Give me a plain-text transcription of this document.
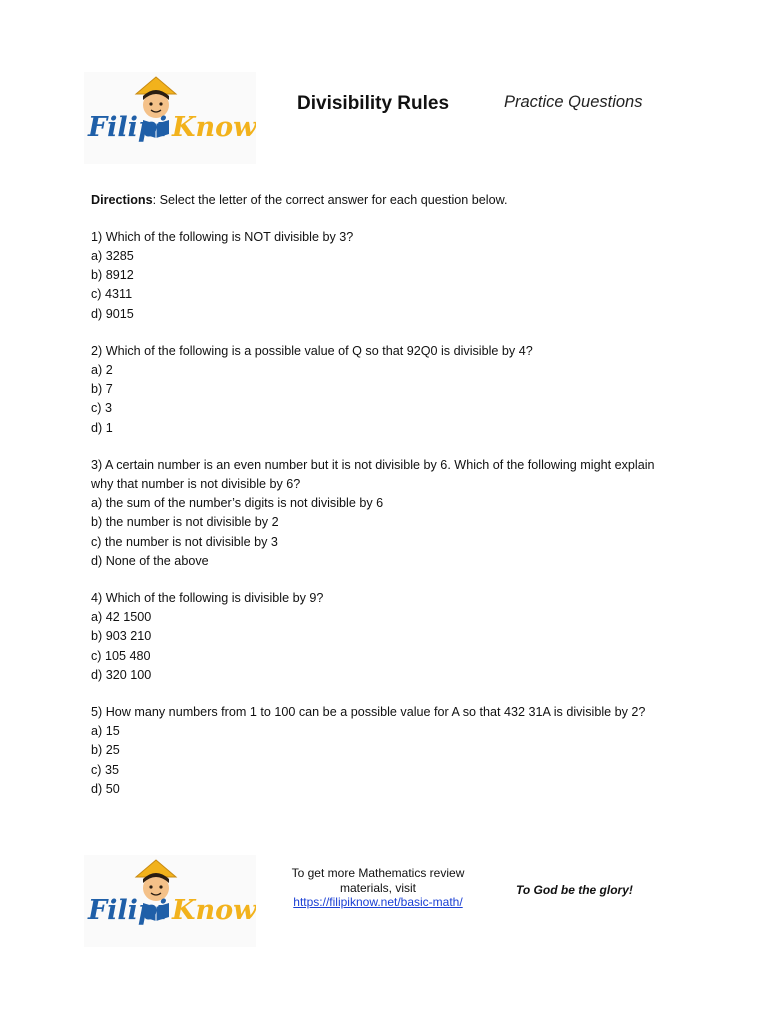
Filipi Know
Divisibility Rules	Practice Questions

Directions: Select the letter of the correct answer for each question below.

1) Which of the following is NOT divisible by 3?

a) 3285

b) 8912

c) 4311

d) 9015

2) Which of the following is a possible value of Q so that 92Q0 is divisible by 4?

a) 2

b) 7

c) 3

d) 1

3) A certain number is an even number but it is not divisible by 6. Which of the following might explain why that number is not divisible by 6?

a) the sum of the number’s digits is not divisible by 6

b) the number is not divisible by 2

c) the number is not divisible by 3

d) None of the above

4) Which of the following is divisible by 9?

a) 42 1500

b) 903 210

c) 105 480

d) 320 100

5) How many numbers from 1 to 100 can be a possible value for A so that 432 31A is divisible by 2?

a) 15

b) 25

c) 35

d) 50

Filipi Know
To get more Mathematics review
materials, visit
https://filipiknow.net/basic-math/
To God be the glory!
